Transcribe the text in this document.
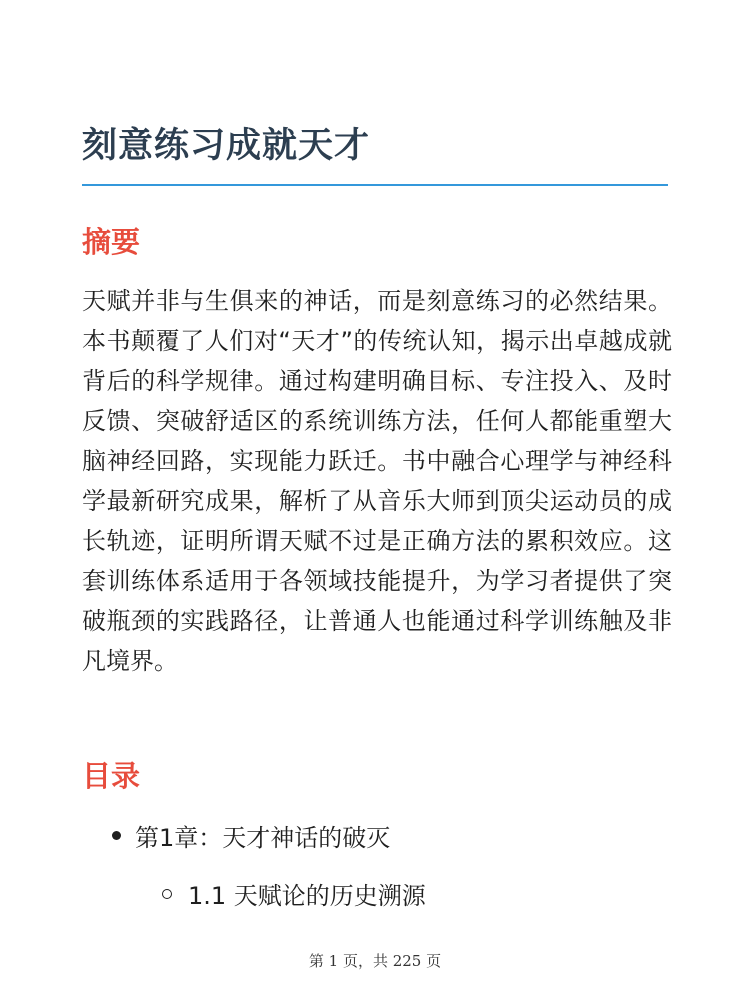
刻意练习成就天才
摘要

天赋并非与生俱来的神话，而是刻意练习的必然结果。本书颠覆了人们对“天才”的传统认知，揭示出卓越成就背后的科学规律。通过构建明确目标、专注投入、及时反馈、突破舒适区的系统训练方法，任何人都能重塑大脑神经回路，实现能力跃迁。书中融合心理学与神经科学最新研究成果，解析了从音乐大师到顶尖运动员的成长轨迹，证明所谓天赋不过是正确方法的累积效应。这套训练体系适用于各领域技能提升，为学习者提供了突破瓶颈的实践路径，让普通人也能通过科学训练触及非凡境界。

目录
第1章：天才神话的破灭
1.1 天赋论的历史溯源
第 1 页，共 225 页
